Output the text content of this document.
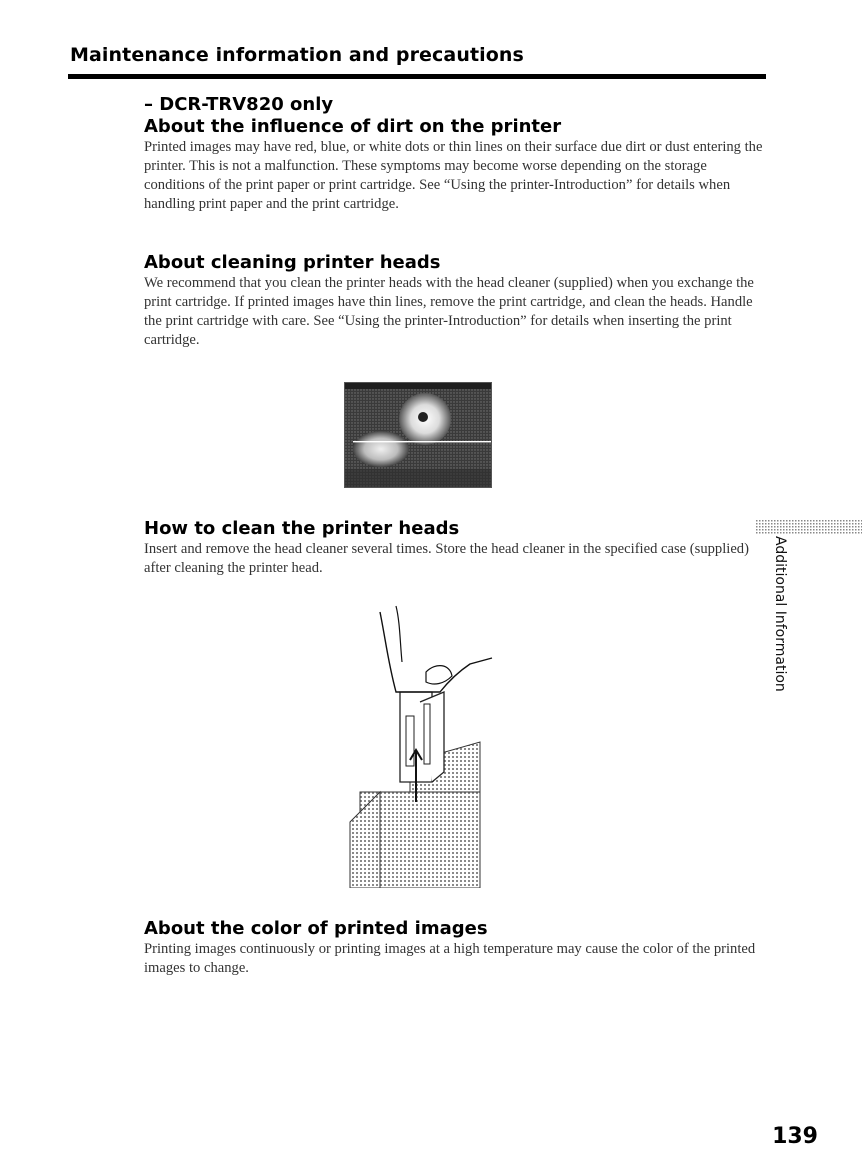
Maintenance information and precautions
– DCR-TRV820 only
About the influence of dirt on the printer

Printed images may have red, blue, or white dots or thin lines on their surface due dirt or dust entering the printer. This is not a malfunction. These symptoms may become worse depending on the storage conditions of the print paper or print cartridge. See “Using the printer-Introduction” for details when handling print paper and the print cartridge.

About cleaning printer heads

We recommend that you clean the printer heads with the head cleaner (supplied) when you exchange the print cartridge. If printed images have thin lines, remove the print cartridge, and clean the heads. Handle the print cartridge with care. See “Using the printer-Introduction” for details when inserting the print cartridge.

How to clean the printer heads

Insert and remove the head cleaner several times. Store the head cleaner in the specified case (supplied) after cleaning the printer head.

About the color of printed images

Printing images continuously or printing images at a high temperature may cause the color of the printed images to change.

Additional Information
139
